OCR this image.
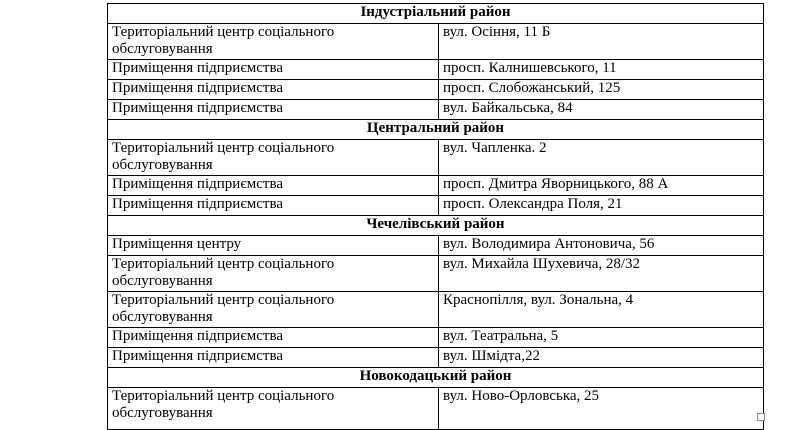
Індустріальний район	
Територіальний центр соціального обслуговування	вул. Осіння, 11 Б
Приміщення підприємства	просп. Калнишевського, 11
Приміщення підприємства	просп. Слобожанський, 125
Приміщення підприємства	вул. Байкальська, 84
Центральний район	
Територіальний центр соціального обслуговування	вул. Чапленка. 2
Приміщення підприємства	просп. Дмитра Яворницького, 88 А
Приміщення підприємства	просп. Олександра Поля, 21
Чечелівський район	
Приміщення центру	вул. Володимира Антоновича, 56
Територіальний центр соціального обслуговування	вул. Михайла Шухевича, 28/32
Територіальний центр соціального обслуговування	Краснопілля, вул. Зональна, 4
Приміщення підприємства	вул. Театральна, 5
Приміщення підприємства	вул. Шмідта,22
Новокодацький район	
Територіальний центр соціального обслуговування	вул. Ново-Орловська, 25
